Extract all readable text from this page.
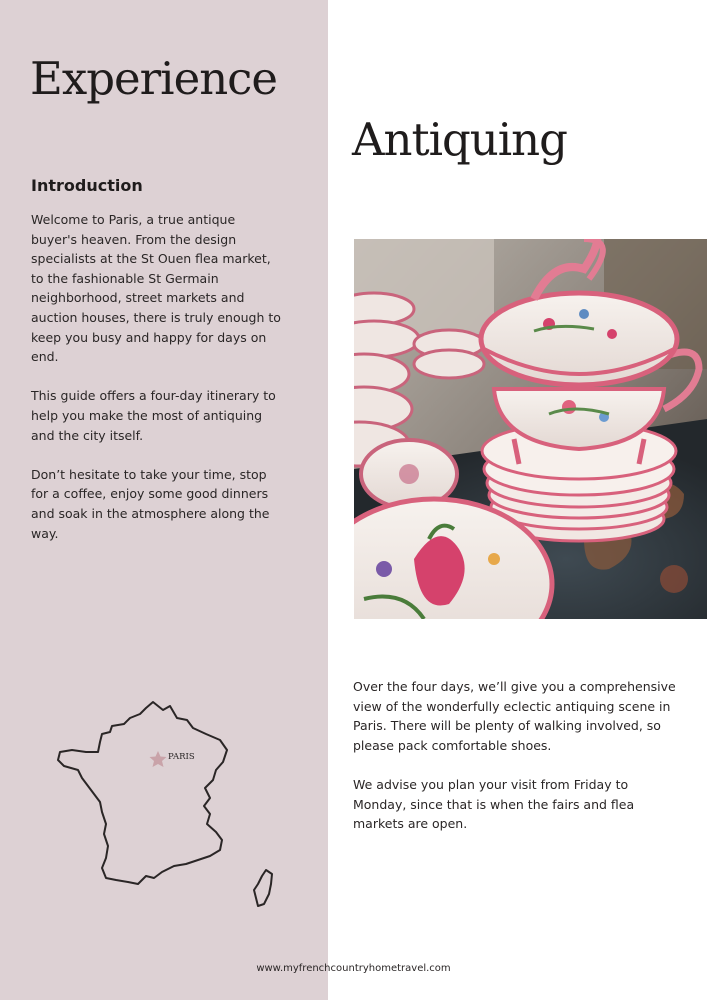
Experience
Antiquing
Introduction

Welcome to Paris, a true antique buyer's heaven. From the design specialists at the St Ouen flea market, to the fashionable St Germain neighborhood, street markets and auction houses, there is truly enough to keep you busy and happy for days on end.

This guide offers a four-day itinerary to help you make the most of antiquing and the city itself.

Don’t hesitate to take your time, stop for a coffee, enjoy some good dinners and soak in the atmosphere along the way.

Over the four days, we’ll give you a comprehensive view of the wonderfully eclectic antiquing scene in Paris. There will be plenty of walking involved, so please pack comfortable shoes.

We advise you plan your visit from Friday to Monday, since that is when the fairs and flea markets are open.

PARIS
www.myfrenchcountryhometravel.com
